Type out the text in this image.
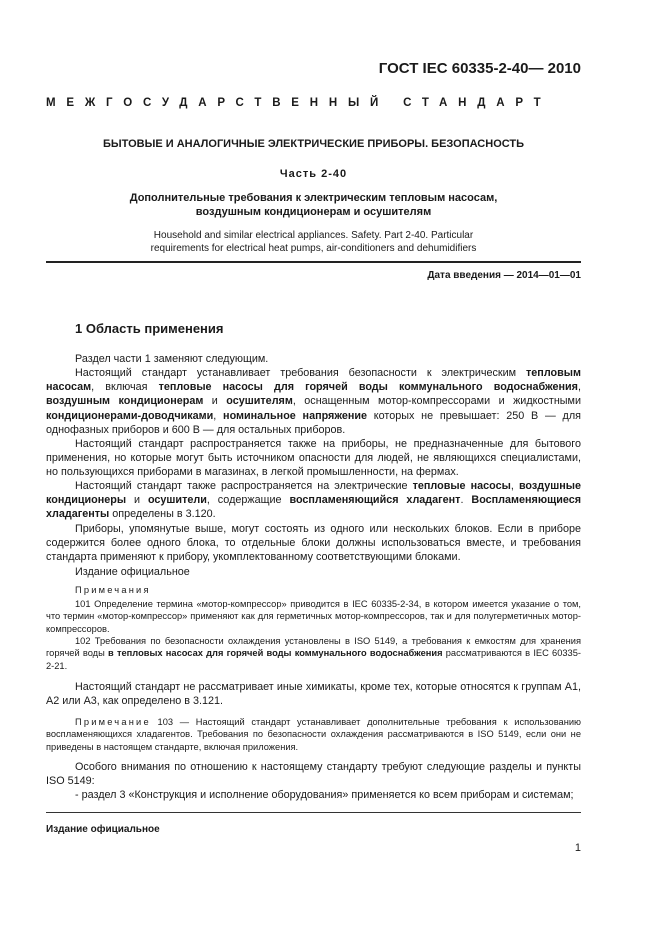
ГОСТ IEC 60335-2-40— 2010
МЕЖГОСУДАРСТВЕННЫЙ СТАНДАРТ
БЫТОВЫЕ И АНАЛОГИЧНЫЕ ЭЛЕКТРИЧЕСКИЕ ПРИБОРЫ. БЕЗОПАСНОСТЬ
Часть 2-40
Дополнительные требования к электрическим тепловым насосам,
воздушным кондиционерам и осушителям
Household and similar electrical appliances. Safety. Part 2-40. Particular
requirements for electrical heat pumps, air-conditioners and dehumidifiers
Дата введения — 2014—01—01
1 Область применения
Раздел части 1 заменяют следующим.
Настоящий стандарт устанавливает требования безопасности к электрическим тепловым насосам, включая тепловые насосы для горячей воды коммунального водоснабжения, воздушным кондиционерам и осушителям, оснащенным мотор-компрессорами и жидкостными кондиционерами-доводчиками, номинальное напряжение которых не превышает: 250 В — для однофазных приборов и 600 В — для остальных приборов.
Настоящий стандарт распространяется также на приборы, не предназначенные для бытового применения, но которые могут быть источником опасности для людей, не являющихся специалистами, но пользующихся приборами в магазинах, в легкой промышленности, на фермах.
Настоящий стандарт также распространяется на электрические тепловые насосы, воздушные кондиционеры и осушители, содержащие воспламеняющийся хладагент. Воспламеняющиеся хладагенты определены в 3.120.
Приборы, упомянутые выше, могут состоять из одного или нескольких блоков. Если в приборе содержится более одного блока, то отдельные блоки должны использоваться вместе, и требования стандарта применяют к прибору, укомплектованному соответствующими блоками.
Издание официальное
Примечания
101 Определение термина «мотор-компрессор» приводится в IEC 60335-2-34, в котором имеется указание о том, что термин «мотор-компрессор» применяют как для герметичных мотор-компрессоров, так и для полугерметичных мотор-компрессоров.
102 Требования по безопасности охлаждения установлены в ISO 5149, а требования к емкостям для хранения горячей воды в тепловых насосах для горячей воды коммунального водоснабжения рассматриваются в IEC 60335-2-21.
Настоящий стандарт не рассматривает иные химикаты, кроме тех, которые относятся к группам A1, A2 или A3, как определено в 3.121.
Примечание 103 — Настоящий стандарт устанавливает дополнительные требования к использованию воспламеняющихся хладагентов. Требования по безопасности охлаждения рассматриваются в ISO 5149, если они не приведены в настоящем стандарте, включая приложения.
Особого внимания по отношению к настоящему стандарту требуют следующие разделы и пункты ISO 5149:
- раздел 3 «Конструкция и исполнение оборудования» применяется ко всем приборам и системам;
Издание официальное
1
